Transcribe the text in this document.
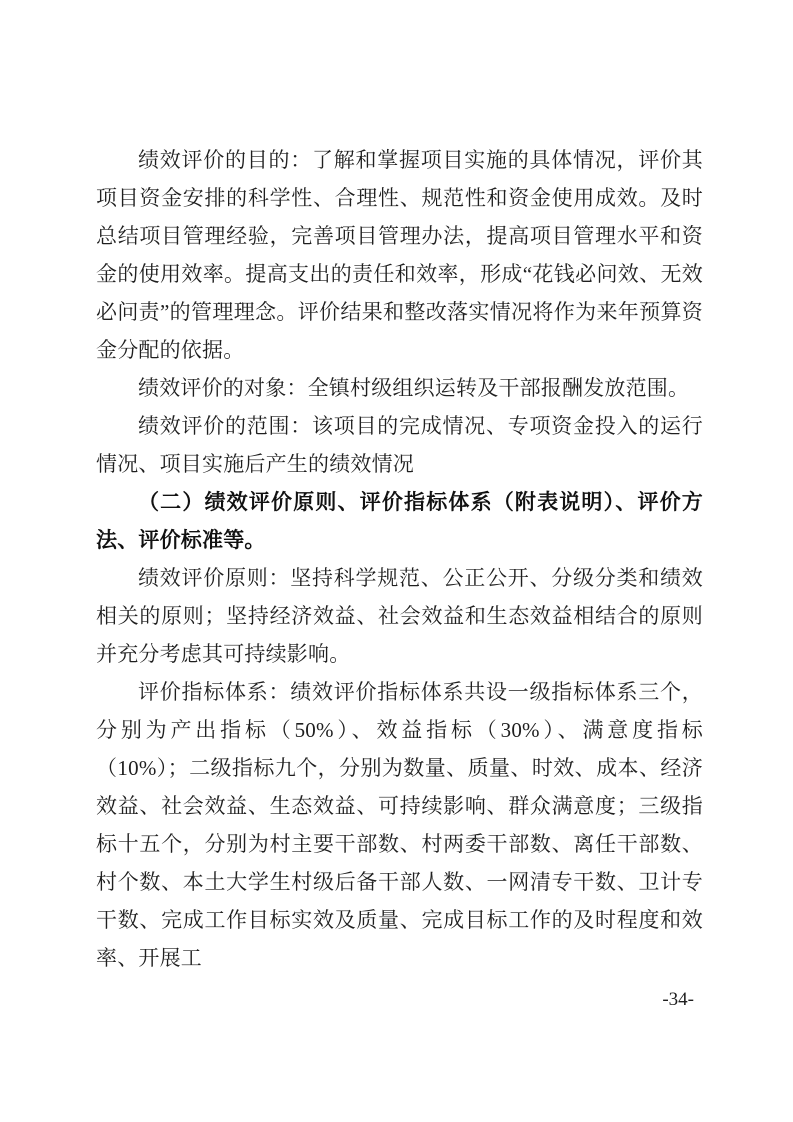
绩效评价的目的：了解和掌握项目实施的具体情况，评价其项目资金安排的科学性、合理性、规范性和资金使用成效。及时总结项目管理经验，完善项目管理办法，提高项目管理水平和资金的使用效率。提高支出的责任和效率，形成“花钱必问效、无效必问责”的管理理念。评价结果和整改落实情况将作为来年预算资金分配的依据。

绩效评价的对象：全镇村级组织运转及干部报酬发放范围。

绩效评价的范围：该项目的完成情况、专项资金投入的运行情况、项目实施后产生的绩效情况

（二）绩效评价原则、评价指标体系（附表说明）、评价方法、评价标准等。

绩效评价原则：坚持科学规范、公正公开、分级分类和绩效相关的原则；坚持经济效益、社会效益和生态效益相结合的原则并充分考虑其可持续影响。

评价指标体系：绩效评价指标体系共设一级指标体系三个，分别为产出指标（50%）、效益指标（30%）、满意度指标（10%）；二级指标九个，分别为数量、质量、时效、成本、经济效益、社会效益、生态效益、可持续影响、群众满意度；三级指标十五个，分别为村主要干部数、村两委干部数、离任干部数、村个数、本土大学生村级后备干部人数、一网清专干数、卫计专干数、完成工作目标实效及质量、完成目标工作的及时程度和效率、开展工

-34-
